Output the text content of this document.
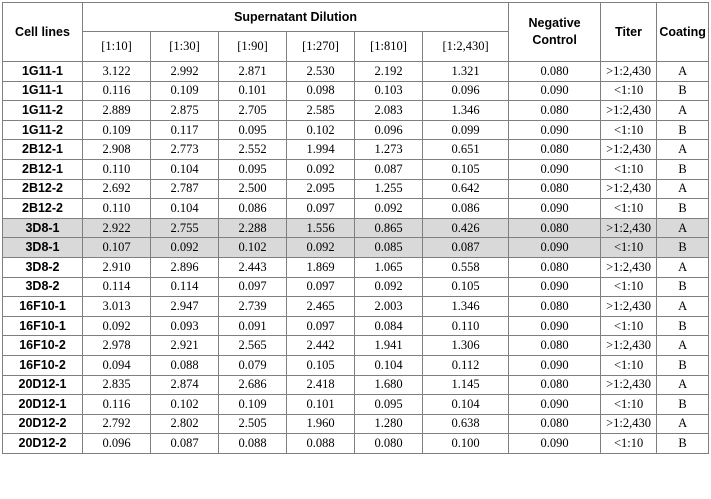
Cell lines	Supernatant Dilution						Negative Control	Titer	Coating
	[1:10]	[1:30]	[1:90]	[1:270]	[1:810]	[1:2,430]			
1G11-1	3.122	2.992	2.871	2.530	2.192	1.321	0.080	>1:2,430	A
1G11-1	0.116	0.109	0.101	0.098	0.103	0.096	0.090	<1:10	B
1G11-2	2.889	2.875	2.705	2.585	2.083	1.346	0.080	>1:2,430	A
1G11-2	0.109	0.117	0.095	0.102	0.096	0.099	0.090	<1:10	B
2B12-1	2.908	2.773	2.552	1.994	1.273	0.651	0.080	>1:2,430	A
2B12-1	0.110	0.104	0.095	0.092	0.087	0.105	0.090	<1:10	B
2B12-2	2.692	2.787	2.500	2.095	1.255	0.642	0.080	>1:2,430	A
2B12-2	0.110	0.104	0.086	0.097	0.092	0.086	0.090	<1:10	B
3D8-1	2.922	2.755	2.288	1.556	0.865	0.426	0.080	>1:2,430	A
3D8-1	0.107	0.092	0.102	0.092	0.085	0.087	0.090	<1:10	B
3D8-2	2.910	2.896	2.443	1.869	1.065	0.558	0.080	>1:2,430	A
3D8-2	0.114	0.114	0.097	0.097	0.092	0.105	0.090	<1:10	B
16F10-1	3.013	2.947	2.739	2.465	2.003	1.346	0.080	>1:2,430	A
16F10-1	0.092	0.093	0.091	0.097	0.084	0.110	0.090	<1:10	B
16F10-2	2.978	2.921	2.565	2.442	1.941	1.306	0.080	>1:2,430	A
16F10-2	0.094	0.088	0.079	0.105	0.104	0.112	0.090	<1:10	B
20D12-1	2.835	2.874	2.686	2.418	1.680	1.145	0.080	>1:2,430	A
20D12-1	0.116	0.102	0.109	0.101	0.095	0.104	0.090	<1:10	B
20D12-2	2.792	2.802	2.505	1.960	1.280	0.638	0.080	>1:2,430	A
20D12-2	0.096	0.087	0.088	0.088	0.080	0.100	0.090	<1:10	B
